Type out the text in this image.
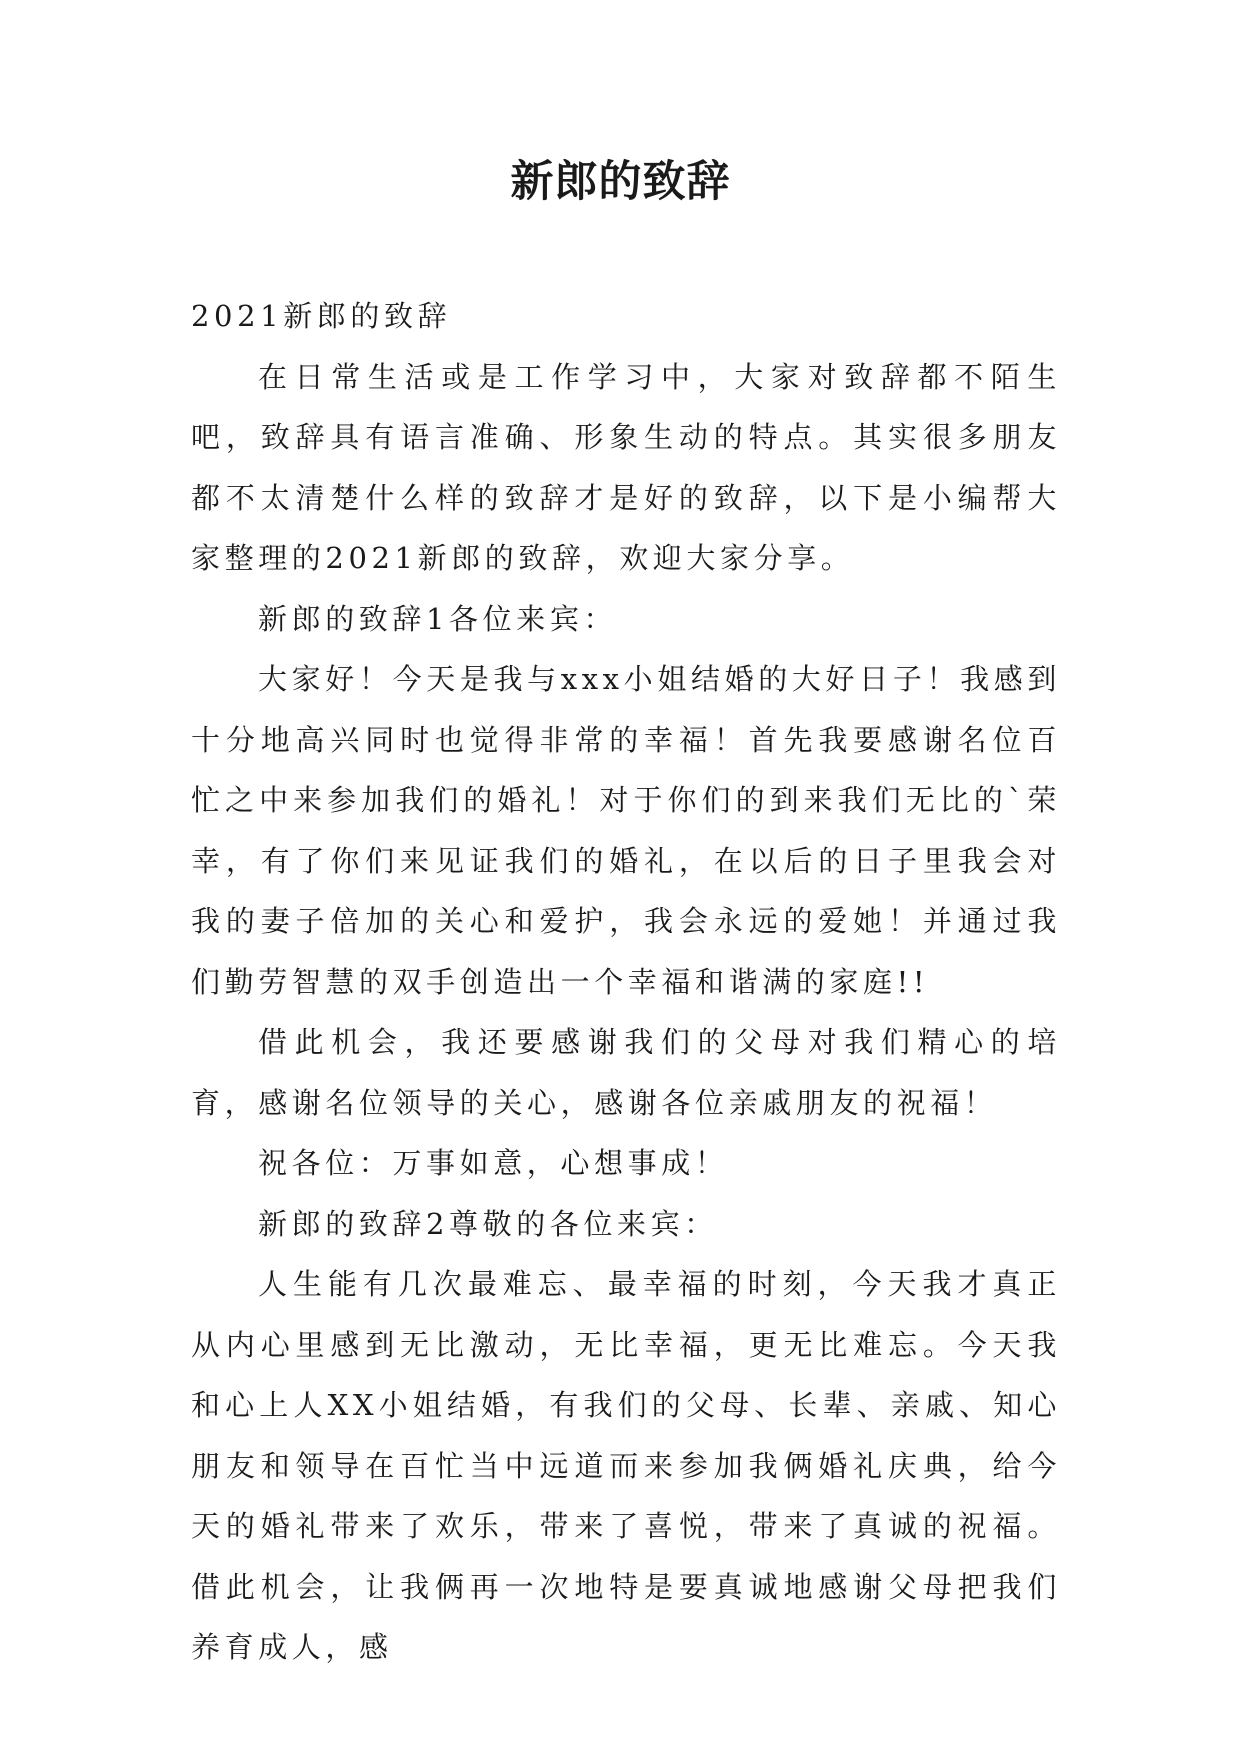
新郎的致辞

2021新郎的致辞

在日常生活或是工作学习中，大家对致辞都不陌生吧，致辞具有语言准确、形象生动的特点。其实很多朋友都不太清楚什么样的致辞才是好的致辞，以下是小编帮大家整理的2021新郎的致辞，欢迎大家分享。

新郎的致辞1各位来宾：

大家好！今天是我与xxx小姐结婚的大好日子！我感到十分地高兴同时也觉得非常的幸福！首先我要感谢名位百忙之中来参加我们的婚礼！对于你们的到来我们无比的`荣幸，有了你们来见证我们的婚礼，在以后的日子里我会对我的妻子倍加的关心和爱护，我会永远的爱她！并通过我们勤劳智慧的双手创造出一个幸福和谐满的家庭!!

借此机会，我还要感谢我们的父母对我们精心的培育，感谢名位领导的关心，感谢各位亲戚朋友的祝福！

祝各位：万事如意，心想事成！

新郎的致辞2尊敬的各位来宾：

人生能有几次最难忘、最幸福的时刻，今天我才真正从内心里感到无比激动，无比幸福，更无比难忘。今天我和心上人XX小姐结婚，有我们的父母、长辈、亲戚、知心朋友和领导在百忙当中远道而来参加我俩婚礼庆典，给今天的婚礼带来了欢乐，带来了喜悦，带来了真诚的祝福。借此机会，让我俩再一次地特是要真诚地感谢父母把我们养育成人，感
